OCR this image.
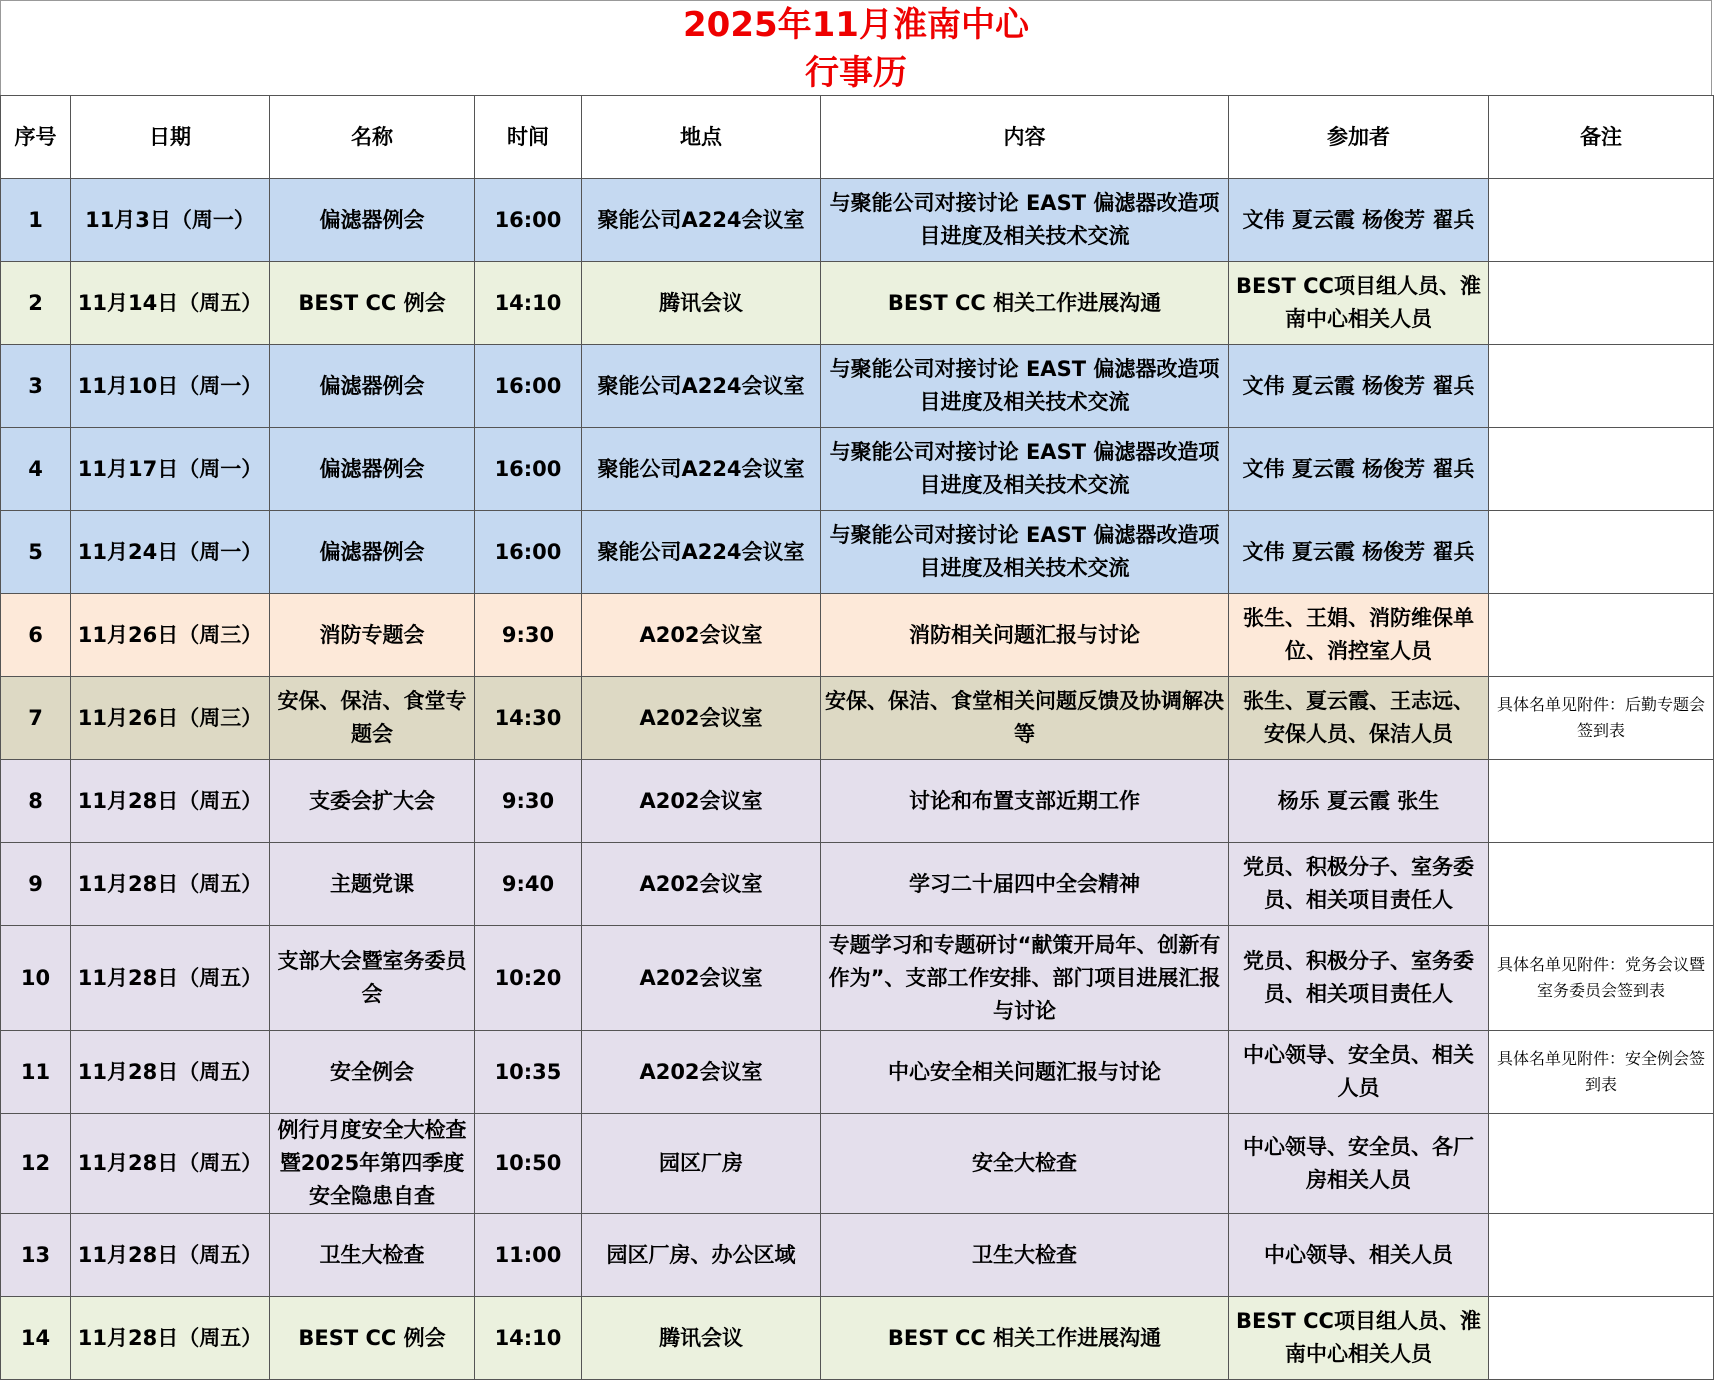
2025年11月淮南中心
行事历
序号	日期	名称	时间	地点	内容	参加者	备注
1	11月3日（周一）	偏滤器例会	16:00	聚能公司A224会议室	与聚能公司对接讨论 EAST 偏滤器改造项目进度及相关技术交流	文伟 夏云霞 杨俊芳 翟兵	
2	11月14日（周五）	BEST CC 例会	14:10	腾讯会议	BEST CC 相关工作进展沟通	BEST CC项目组人员、淮南中心相关人员	
3	11月10日（周一）	偏滤器例会	16:00	聚能公司A224会议室	与聚能公司对接讨论 EAST 偏滤器改造项目进度及相关技术交流	文伟 夏云霞 杨俊芳 翟兵	
4	11月17日（周一）	偏滤器例会	16:00	聚能公司A224会议室	与聚能公司对接讨论 EAST 偏滤器改造项目进度及相关技术交流	文伟 夏云霞 杨俊芳 翟兵	
5	11月24日（周一）	偏滤器例会	16:00	聚能公司A224会议室	与聚能公司对接讨论 EAST 偏滤器改造项目进度及相关技术交流	文伟 夏云霞 杨俊芳 翟兵	
6	11月26日（周三）	消防专题会	9:30	A202会议室	消防相关问题汇报与讨论	张生、王娟、消防维保单位、消控室人员	
7	11月26日（周三）	安保、保洁、食堂专题会	14:30	A202会议室	安保、保洁、食堂相关问题反馈及协调解决等	张生、夏云霞、王志远、安保人员、保洁人员	具体名单见附件：后勤专题会签到表
8	11月28日（周五）	支委会扩大会	9:30	A202会议室	讨论和布置支部近期工作	杨乐 夏云霞 张生	
9	11月28日（周五）	主题党课	9:40	A202会议室	学习二十届四中全会精神	党员、积极分子、室务委员、相关项目责任人	
10	11月28日（周五）	支部大会暨室务委员会	10:20	A202会议室	专题学习和专题研讨“献策开局年、创新有作为”、支部工作安排、部门项目进展汇报与讨论	党员、积极分子、室务委员、相关项目责任人	具体名单见附件：党务会议暨室务委员会签到表
11	11月28日（周五）	安全例会	10:35	A202会议室	中心安全相关问题汇报与讨论	中心领导、安全员、相关人员	具体名单见附件：安全例会签到表
12	11月28日（周五）	例行月度安全大检查暨2025年第四季度安全隐患自查	10:50	园区厂房	安全大检查	中心领导、安全员、各厂房相关人员	
13	11月28日（周五）	卫生大检查	11:00	园区厂房、办公区域	卫生大检查	中心领导、相关人员	
14	11月28日（周五）	BEST CC 例会	14:10	腾讯会议	BEST CC 相关工作进展沟通	BEST CC项目组人员、淮南中心相关人员	
